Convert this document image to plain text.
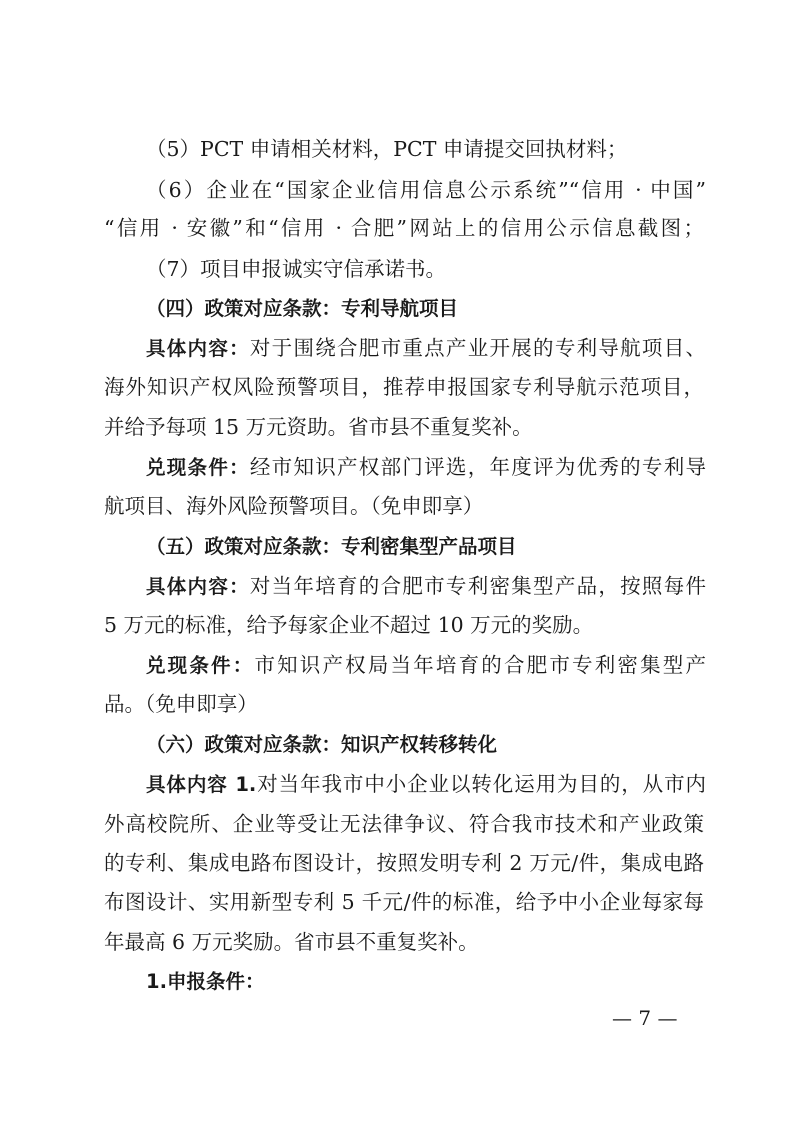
（5）PCT 申请相关材料，PCT 申请提交回执材料；
（6）企业在“国家企业信用信息公示系统”“信用 · 中国”
“信用 · 安徽”和“信用 · 合肥”网站上的信用公示信息截图；
（7）项目申报诚实守信承诺书。
（四）政策对应条款：专利导航项目
具体内容：对于围绕合肥市重点产业开展的专利导航项目、
海外知识产权风险预警项目，推荐申报国家专利导航示范项目，
并给予每项 15 万元资助。省市县不重复奖补。
兑现条件：经市知识产权部门评选，年度评为优秀的专利导
航项目、海外风险预警项目。（免申即享）
（五）政策对应条款：专利密集型产品项目
具体内容：对当年培育的合肥市专利密集型产品，按照每件
5 万元的标准，给予每家企业不超过 10 万元的奖励。
兑现条件：市知识产权局当年培育的合肥市专利密集型产
品。（免申即享）
（六）政策对应条款：知识产权转移转化
具体内容 1.对当年我市中小企业以转化运用为目的，从市内
外高校院所、企业等受让无法律争议、符合我市技术和产业政策
的专利、集成电路布图设计，按照发明专利 2 万元/件，集成电路
布图设计、实用新型专利 5 千元/件的标准，给予中小企业每家每
年最高 6 万元奖励。省市县不重复奖补。
1.申报条件：
— 7 —
